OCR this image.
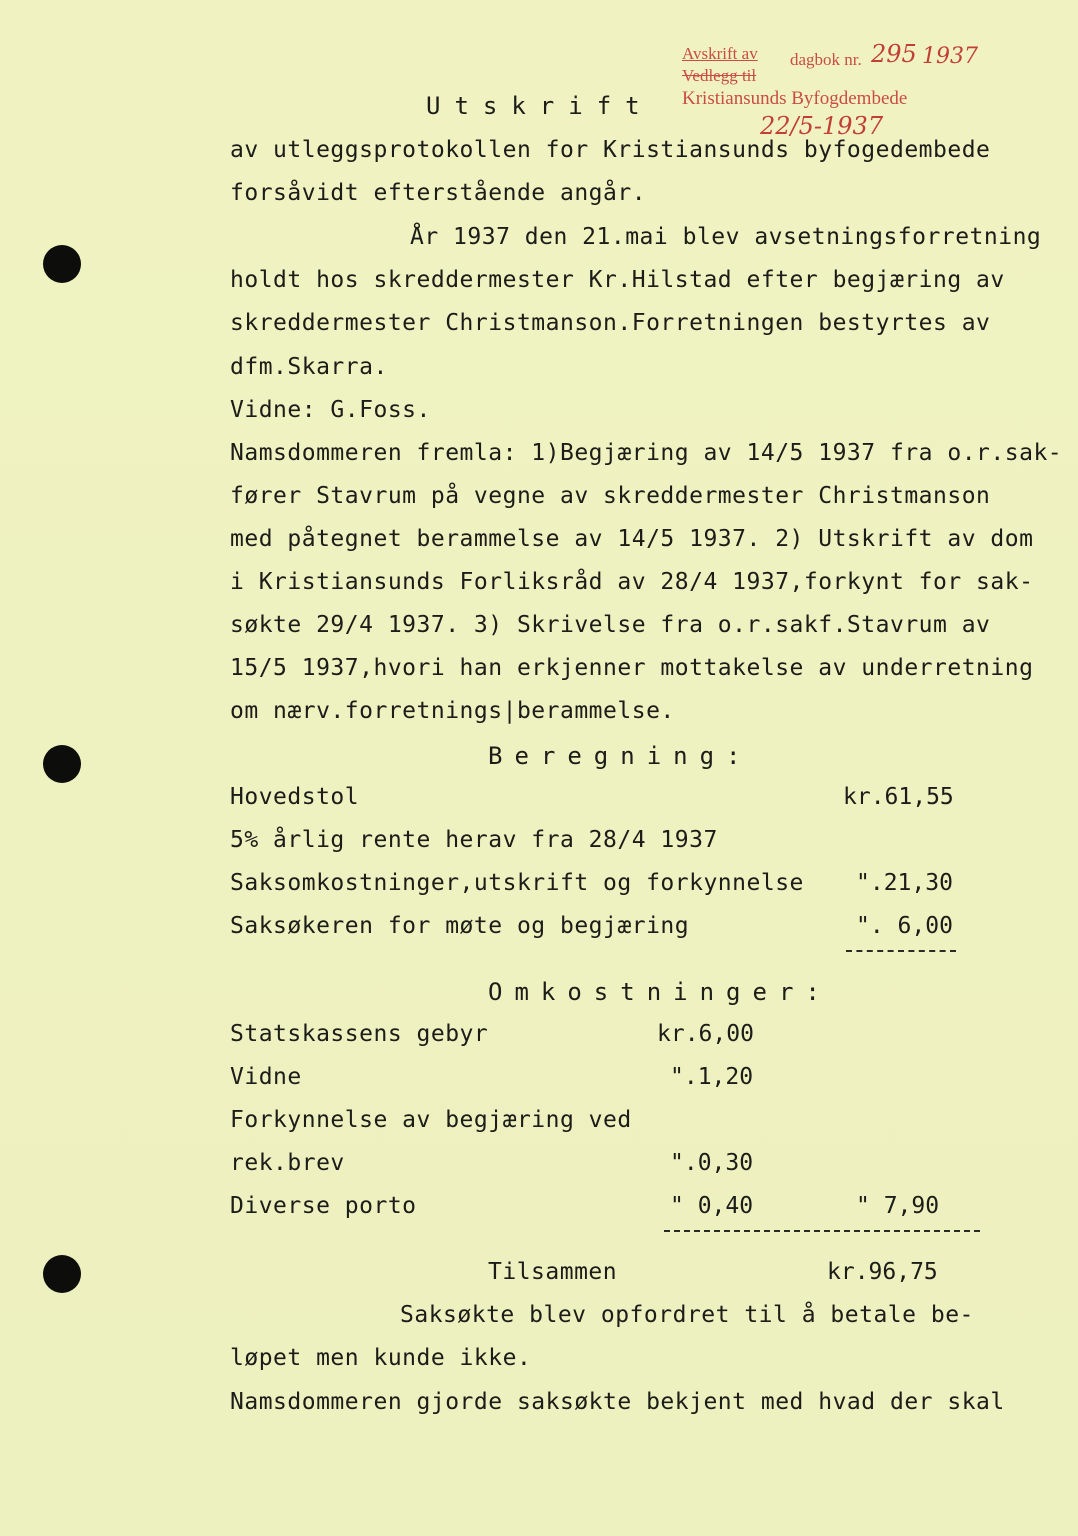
Avskrift av dagbok nr. 295 1937
Vedlegg til
Kristiansunds Byfogdembede
22/5-1937
Utskrift
av utleggsprotokollen for Kristiansunds byfogedembede
forsåvidt efterstående angår.
År 1937 den 21.mai blev avsetningsforretning
holdt hos skreddermester Kr.Hilstad efter begjæring av
skreddermester Christmanson.Forretningen bestyrtes av
dfm.Skarra.
Vidne: G.Foss.
Namsdommeren fremla: 1)Begjæring av 14/5 1937 fra o.r.sak-
fører Stavrum på vegne av skreddermester Christmanson
med påtegnet berammelse av 14/5 1937. 2) Utskrift av dom
i Kristiansunds Forliksråd av 28/4 1937,forkynt for sak-
søkte 29/4 1937. 3) Skrivelse fra o.r.sakf.Stavrum av
15/5 1937,hvori han erkjenner mottakelse av underretning
om nærv.forretnings|berammelse.
Beregning:
Hovedstol	kr.61,55
5% årlig rente herav fra 28/4 1937
Saksomkostninger,utskrift og forkynnelse ".21,30
Saksøkeren for møte og begjæring	". 6,00
Omkostninger:
Statskassens gebyr	kr.6,00
Vidne	".1,20
Forkynnelse av begjæring ved
rek.brev	".0,30
Diverse porto	" 0,40	" 7,90
Tilsammen	kr.96,75
Saksøkte blev opfordret til å betale be-
løpet men kunde ikke.
Namsdommeren gjorde saksøkte bekjent med hvad der skal
